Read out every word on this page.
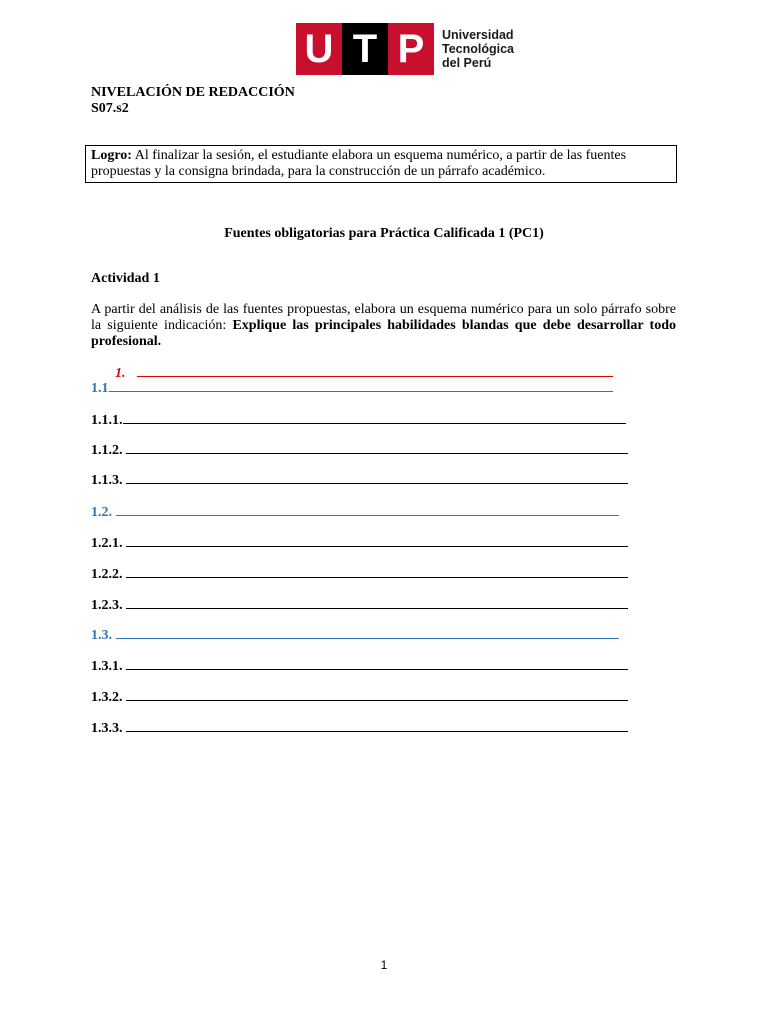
U T P	Universidad
Tecnológica
del Perú
NIVELACIÓN DE REDACCIÓN
S07.s2
Logro: Al finalizar la sesión, el estudiante elabora un esquema numérico, a partir de las fuentes propuestas y la consigna brindada, para la construcción de un párrafo académico.
Fuentes obligatorias para Práctica Calificada 1 (PC1)
Actividad 1
A partir del análisis de las fuentes propuestas, elabora un esquema numérico para un solo párrafo sobre la siguiente indicación: Explique las principales habilidades blandas que debe desarrollar todo profesional.
1.
1.1
1.1.1.
1.1.2.
1.1.3.
1.2.
1.2.1.
1.2.2.
1.2.3.
1.3.
1.3.1.
1.3.2.
1.3.3.
1
